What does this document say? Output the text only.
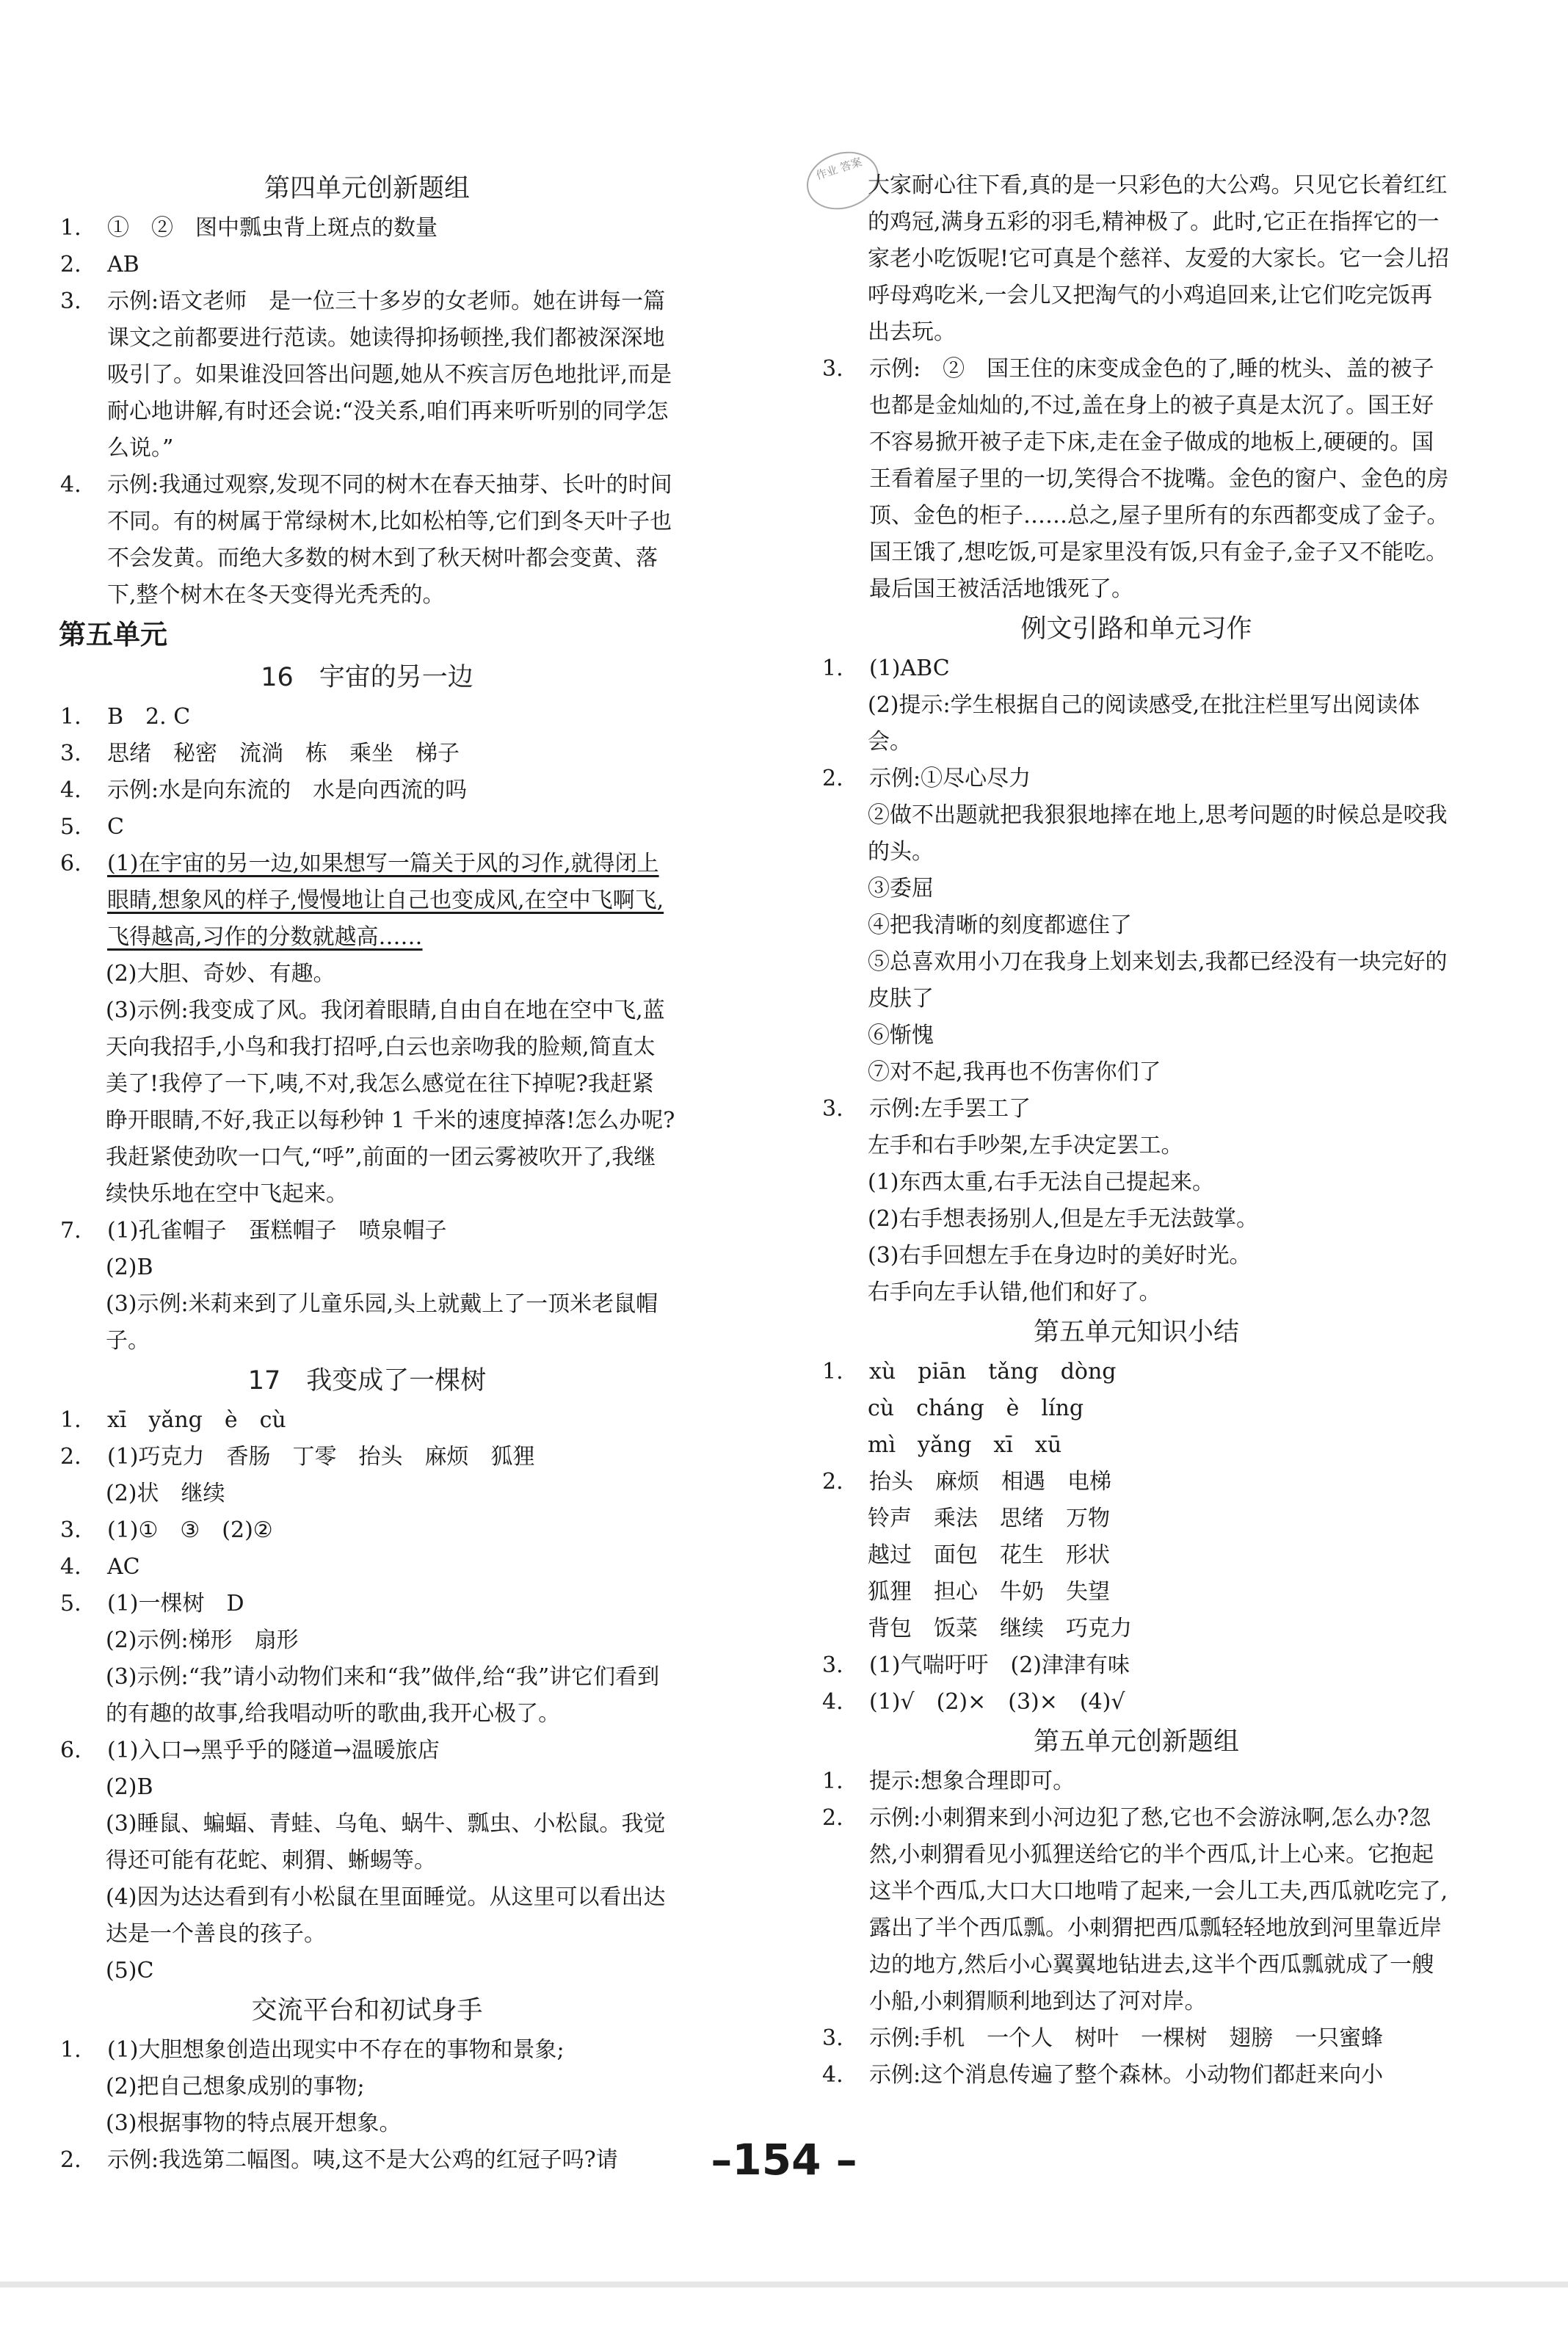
作业 答案
第四单元创新题组
1.	①　②　图中瓢虫背上斑点的数量
2.	AB
3.	示例:语文老师　是一位三十多岁的女老师。她在讲每一篇课文之前都要进行范读。她读得抑扬顿挫,我们都被深深地吸引了。如果谁没回答出问题,她从不疾言厉色地批评,而是耐心地讲解,有时还会说:“没关系,咱们再来听听别的同学怎么说。”
4.	示例:我通过观察,发现不同的树木在春天抽芽、长叶的时间不同。有的树属于常绿树木,比如松柏等,它们到冬天叶子也不会发黄。而绝大多数的树木到了秋天树叶都会变黄、落下,整个树木在冬天变得光秃秃的。
第五单元
16　宇宙的另一边
1.	B　2. C
3.	思绪　秘密　流淌　栋　乘坐　梯子
4.	示例:水是向东流的　水是向西流的吗
5.	C
6.	(1)在宇宙的另一边,如果想写一篇关于风的习作,就得闭上眼睛,想象风的样子,慢慢地让自己也变成风,在空中飞啊飞,飞得越高,习作的分数就越高……
(2)大胆、奇妙、有趣。
(3)示例:我变成了风。我闭着眼睛,自由自在地在空中飞,蓝天向我招手,小鸟和我打招呼,白云也亲吻我的脸颊,简直太美了!我停了一下,咦,不对,我怎么感觉在往下掉呢?我赶紧睁开眼睛,不好,我正以每秒钟 1 千米的速度掉落!怎么办呢?我赶紧使劲吹一口气,“呼”,前面的一团云雾被吹开了,我继续快乐地在空中飞起来。
7.	(1)孔雀帽子　蛋糕帽子　喷泉帽子
(2)B
(3)示例:米莉来到了儿童乐园,头上就戴上了一顶米老鼠帽子。
17　我变成了一棵树
1.	xī　yǎng　è　cù
2.	(1)巧克力　香肠　丁零　抬头　麻烦　狐狸
(2)状　继续
3.	(1)①　③　(2)②
4.	AC
5.	(1)一棵树　D
(2)示例:梯形　扇形
(3)示例:“我”请小动物们来和“我”做伴,给“我”讲它们看到的有趣的故事,给我唱动听的歌曲,我开心极了。
6.	(1)入口→黑乎乎的隧道→温暖旅店
(2)B
(3)睡鼠、蝙蝠、青蛙、乌龟、蜗牛、瓢虫、小松鼠。我觉得还可能有花蛇、刺猬、蜥蜴等。
(4)因为达达看到有小松鼠在里面睡觉。从这里可以看出达达是一个善良的孩子。
(5)C
交流平台和初试身手
1.	(1)大胆想象创造出现实中不存在的事物和景象;
(2)把自己想象成别的事物;
(3)根据事物的特点展开想象。
2.	示例:我选第二幅图。咦,这不是大公鸡的红冠子吗?请
大家耐心往下看,真的是一只彩色的大公鸡。只见它长着红红的鸡冠,满身五彩的羽毛,精神极了。此时,它正在指挥它的一家老小吃饭呢!它可真是个慈祥、友爱的大家长。它一会儿招呼母鸡吃米,一会儿又把淘气的小鸡追回来,让它们吃完饭再出去玩。
3.	示例:　②　国王住的床变成金色的了,睡的枕头、盖的被子也都是金灿灿的,不过,盖在身上的被子真是太沉了。国王好不容易掀开被子走下床,走在金子做成的地板上,硬硬的。国王看着屋子里的一切,笑得合不拢嘴。金色的窗户、金色的房顶、金色的柜子……总之,屋子里所有的东西都变成了金子。国王饿了,想吃饭,可是家里没有饭,只有金子,金子又不能吃。最后国王被活活地饿死了。
例文引路和单元习作
1.	(1)ABC
(2)提示:学生根据自己的阅读感受,在批注栏里写出阅读体会。
2.	示例:①尽心尽力
②做不出题就把我狠狠地摔在地上,思考问题的时候总是咬我的头。
③委屈
④把我清晰的刻度都遮住了
⑤总喜欢用小刀在我身上划来划去,我都已经没有一块完好的皮肤了
⑥惭愧
⑦对不起,我再也不伤害你们了
3.	示例:左手罢工了
左手和右手吵架,左手决定罢工。
(1)东西太重,右手无法自己提起来。
(2)右手想表扬别人,但是左手无法鼓掌。
(3)右手回想左手在身边时的美好时光。
右手向左手认错,他们和好了。
第五单元知识小结
1.	xù　piān　tǎng　dòng
cù　cháng　è　líng
mì　yǎng　xī　xū
2.	抬头　麻烦　相遇　电梯
铃声　乘法　思绪　万物
越过　面包　花生　形状
狐狸　担心　牛奶　失望
背包　饭菜　继续　巧克力
3.	(1)气喘吁吁　(2)津津有味
4.	(1)√　(2)×　(3)×　(4)√
第五单元创新题组
1.	提示:想象合理即可。
2.	示例:小刺猬来到小河边犯了愁,它也不会游泳啊,怎么办?忽然,小刺猬看见小狐狸送给它的半个西瓜,计上心来。它抱起这半个西瓜,大口大口地啃了起来,一会儿工夫,西瓜就吃完了,露出了半个西瓜瓢。小刺猬把西瓜瓢轻轻地放到河里靠近岸边的地方,然后小心翼翼地钻进去,这半个西瓜瓢就成了一艘小船,小刺猬顺利地到达了河对岸。
3.	示例:手机　一个人　树叶　一棵树　翅膀　一只蜜蜂
4.	示例:这个消息传遍了整个森林。小动物们都赶来向小
–154 –
